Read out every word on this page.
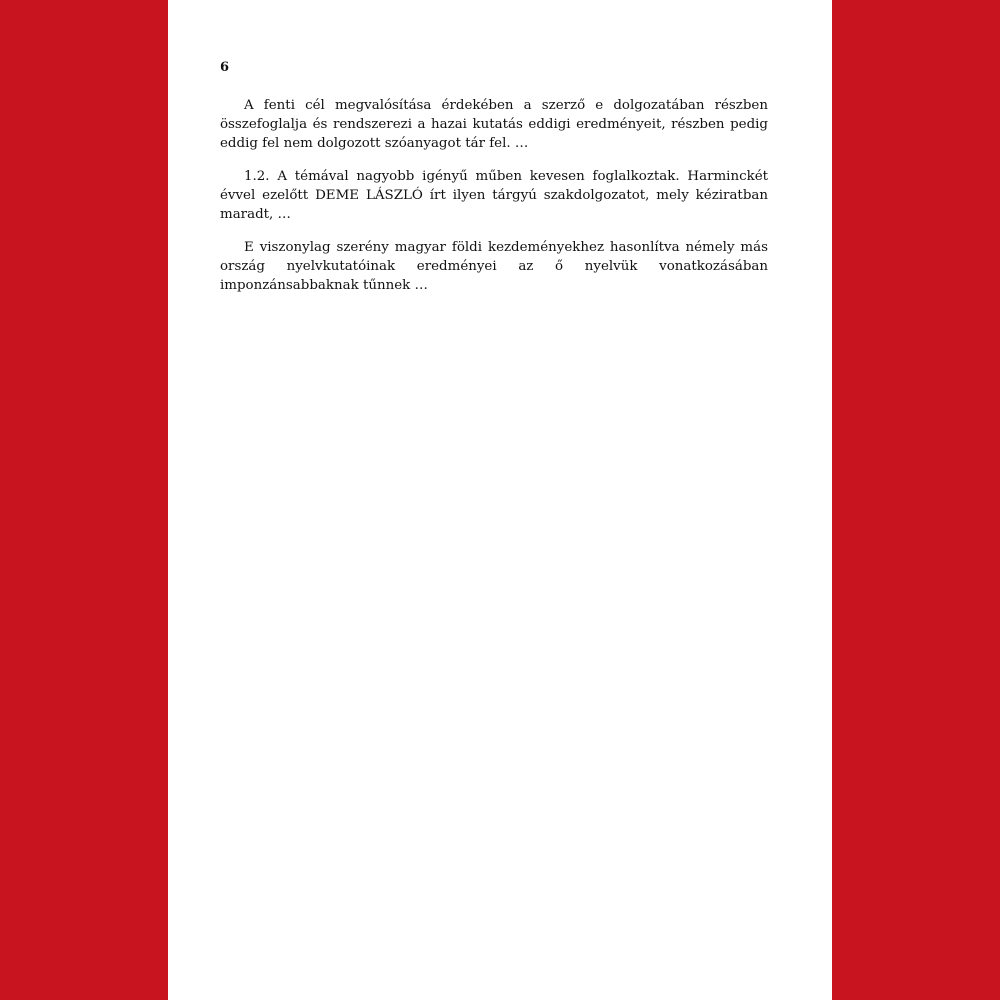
6

A fenti cél megvalósítása érdekében a szerző e dolgozatában részben összefoglalja és rendszerezi a hazai kutatás eddigi eredményeit, részben pedig eddig fel nem dolgozott szóanyagot tár fel. …

1.2. A témával nagyobb igényű műben kevesen foglalkoztak. Harminckét évvel ezelőtt DEME LÁSZLÓ írt ilyen tárgyú szakdolgozatot, mely kéziratban maradt, …

E viszonylag szerény magyar földi kezdeményekhez hasonlítva némely más ország nyelvkutatóinak eredményei az ő nyelvük vonatkozásában imponzánsabbaknak tűnnek …
